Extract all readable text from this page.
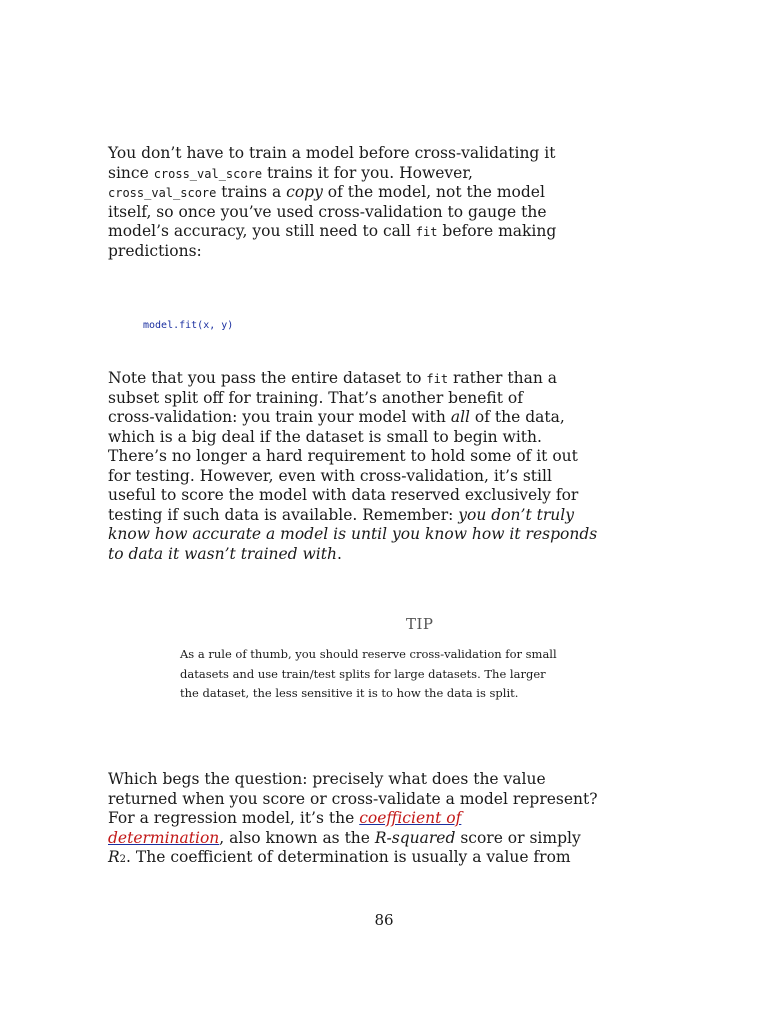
You don’t have to train a model before cross-validating it
since cross_val_score trains it for you. However,
cross_val_score trains a copy of the model, not the model
itself, so once you’ve used cross-validation to gauge the
model’s accuracy, you still need to call fit before making
predictions:
model.fit(x, y)
Note that you pass the entire dataset to fit rather than a
subset split off for training. That’s another benefit of
cross-validation: you train your model with all of the data,
which is a big deal if the dataset is small to begin with.
There’s no longer a hard requirement to hold some of it out
for testing. However, even with cross-validation, it’s still
useful to score the model with data reserved exclusively for
testing if such data is available. Remember: you don’t truly
know how accurate a model is until you know how it responds
to data it wasn’t trained with.
TIP
As a rule of thumb, you should reserve cross-validation for small
datasets and use train/test splits for large datasets. The larger
the dataset, the less sensitive it is to how the data is split.
Which begs the question: precisely what does the value
returned when you score or cross-validate a model represent?
For a regression model, it’s the coefficient of
determination, also known as the R-squared score or simply
R2. The coefficient of determination is usually a value from
86
